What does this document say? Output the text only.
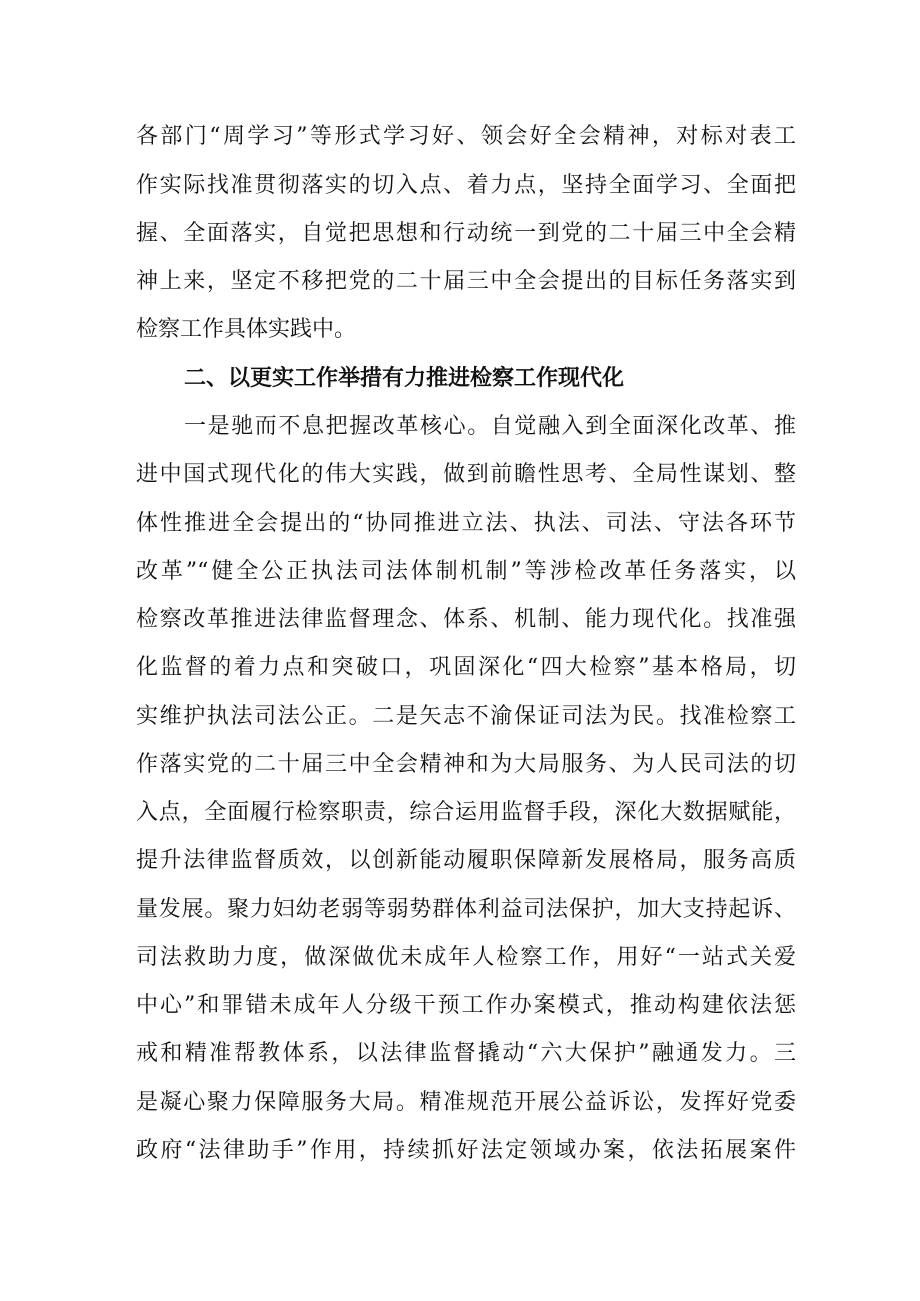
各部门“周学习”等形式学习好、领会好全会精神，对标对表工
作实际找准贯彻落实的切入点、着力点，坚持全面学习、全面把
握、全面落实，自觉把思想和行动统一到党的二十届三中全会精
神上来，坚定不移把党的二十届三中全会提出的目标任务落实到
检察工作具体实践中。
二、以更实工作举措有力推进检察工作现代化
一是驰而不息把握改革核心。自觉融入到全面深化改革、推
进中国式现代化的伟大实践，做到前瞻性思考、全局性谋划、整
体性推进全会提出的“协同推进立法、执法、司法、守法各环节
改革”“健全公正执法司法体制机制”等涉检改革任务落实，以
检察改革推进法律监督理念、体系、机制、能力现代化。找准强
化监督的着力点和突破口，巩固深化“四大检察”基本格局，切
实维护执法司法公正。二是矢志不渝保证司法为民。找准检察工
作落实党的二十届三中全会精神和为大局服务、为人民司法的切
入点，全面履行检察职责，综合运用监督手段，深化大数据赋能，
提升法律监督质效，以创新能动履职保障新发展格局，服务高质
量发展。聚力妇幼老弱等弱势群体利益司法保护，加大支持起诉、
司法救助力度，做深做优未成年人检察工作，用好“一站式关爱
中心”和罪错未成年人分级干预工作办案模式，推动构建依法惩
戒和精准帮教体系，以法律监督撬动“六大保护”融通发力。三
是凝心聚力保障服务大局。精准规范开展公益诉讼，发挥好党委
政府“法律助手”作用，持续抓好法定领域办案，依法拓展案件
